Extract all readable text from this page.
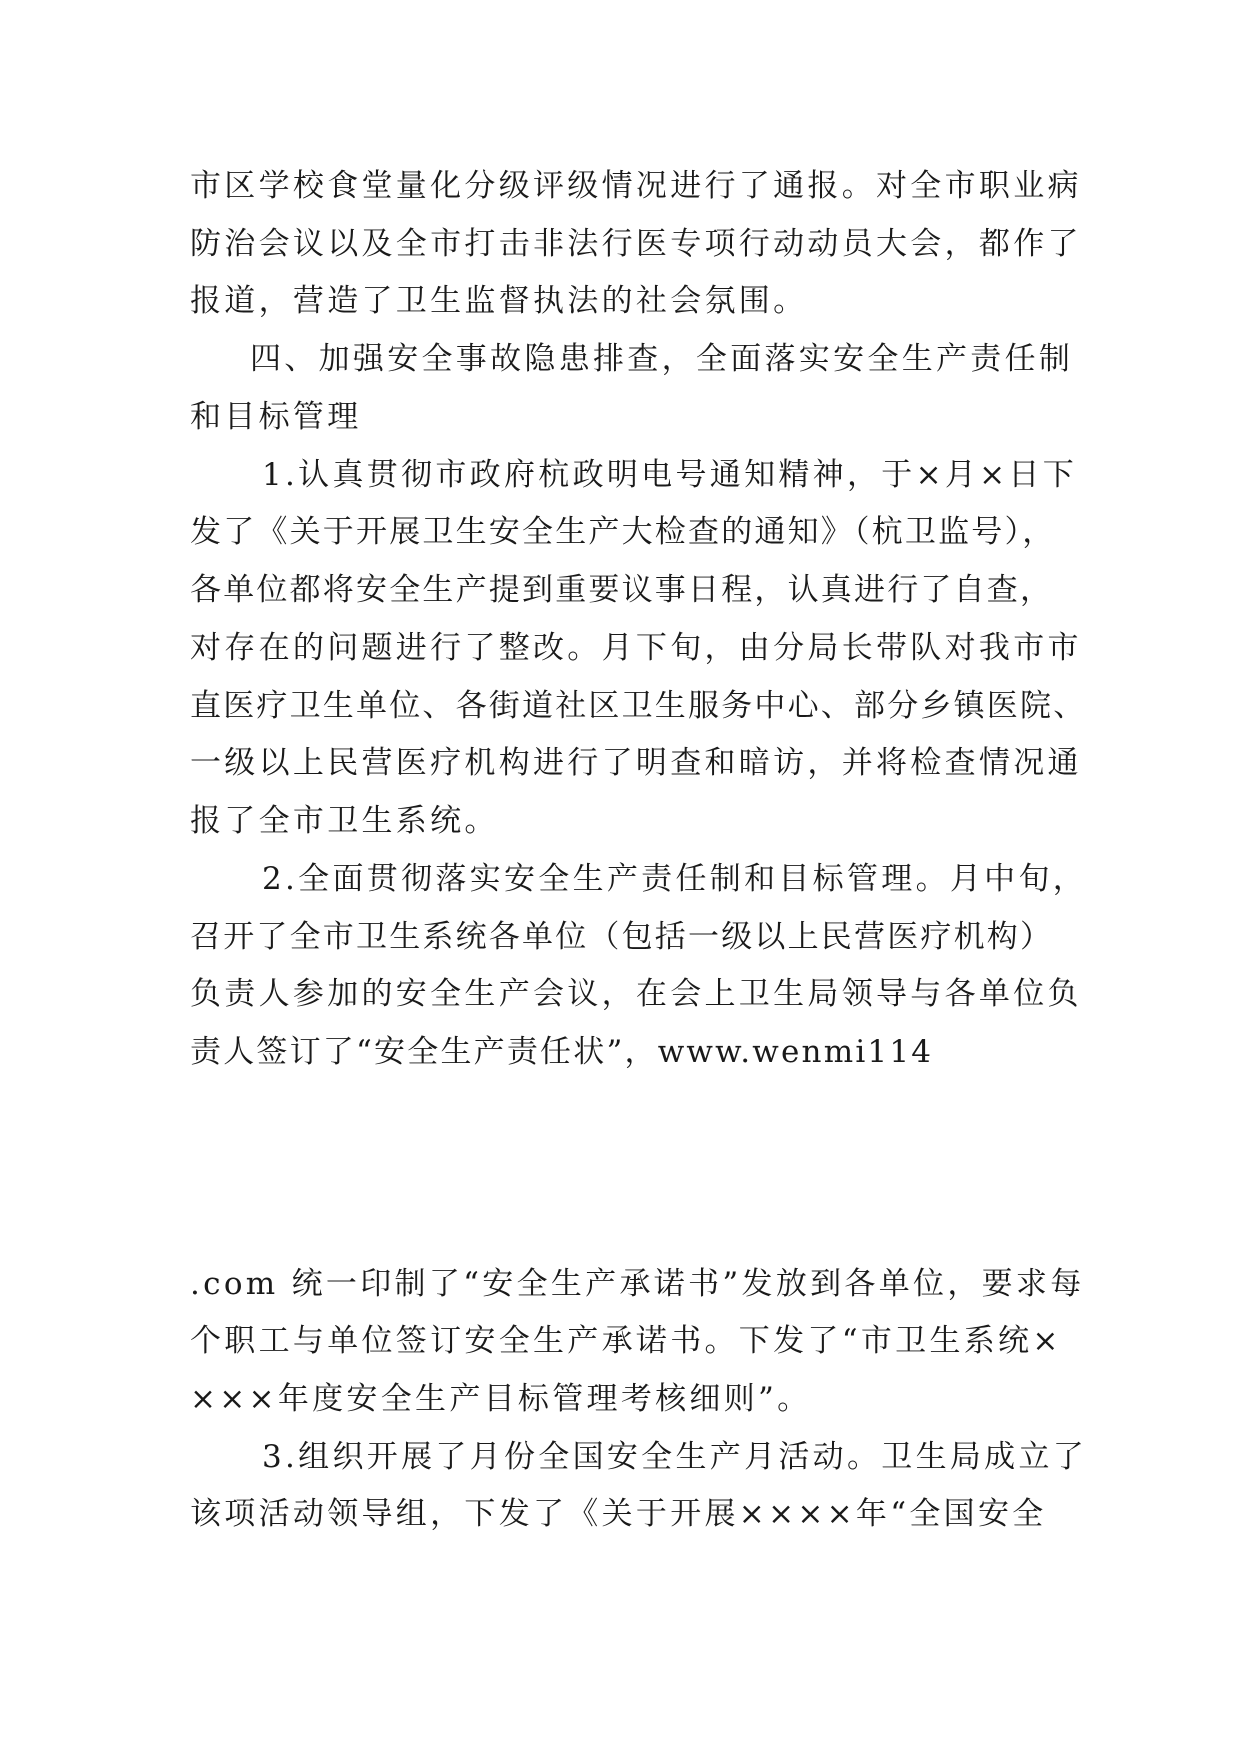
市区学校食堂量化分级评级情况进行了通报。对全市职业病
防治会议以及全市打击非法行医专项行动动员大会，都作了
报道，营造了卫生监督执法的社会氛围。
四、加强安全事故隐患排查，全面落实安全生产责任制
和目标管理
1.认真贯彻市政府杭政明电号通知精神，于×月×日下
发了《关于开展卫生安全生产大检查的通知》（杭卫监号），
各单位都将安全生产提到重要议事日程，认真进行了自查，
对存在的问题进行了整改。月下旬，由分局长带队对我市市
直医疗卫生单位、各街道社区卫生服务中心、部分乡镇医院、
一级以上民营医疗机构进行了明查和暗访，并将检查情况通
报了全市卫生系统。
2.全面贯彻落实安全生产责任制和目标管理。月中旬，
召开了全市卫生系统各单位（包括一级以上民营医疗机构）
负责人参加的安全生产会议，在会上卫生局领导与各单位负
责人签订了“安全生产责任状”，www.wenmi114
.com 统一印制了“安全生产承诺书”发放到各单位，要求每
个职工与单位签订安全生产承诺书。下发了“市卫生系统×
×××年度安全生产目标管理考核细则”。
3.组织开展了月份全国安全生产月活动。卫生局成立了
该项活动领导组，下发了《关于开展××××年“全国安全
